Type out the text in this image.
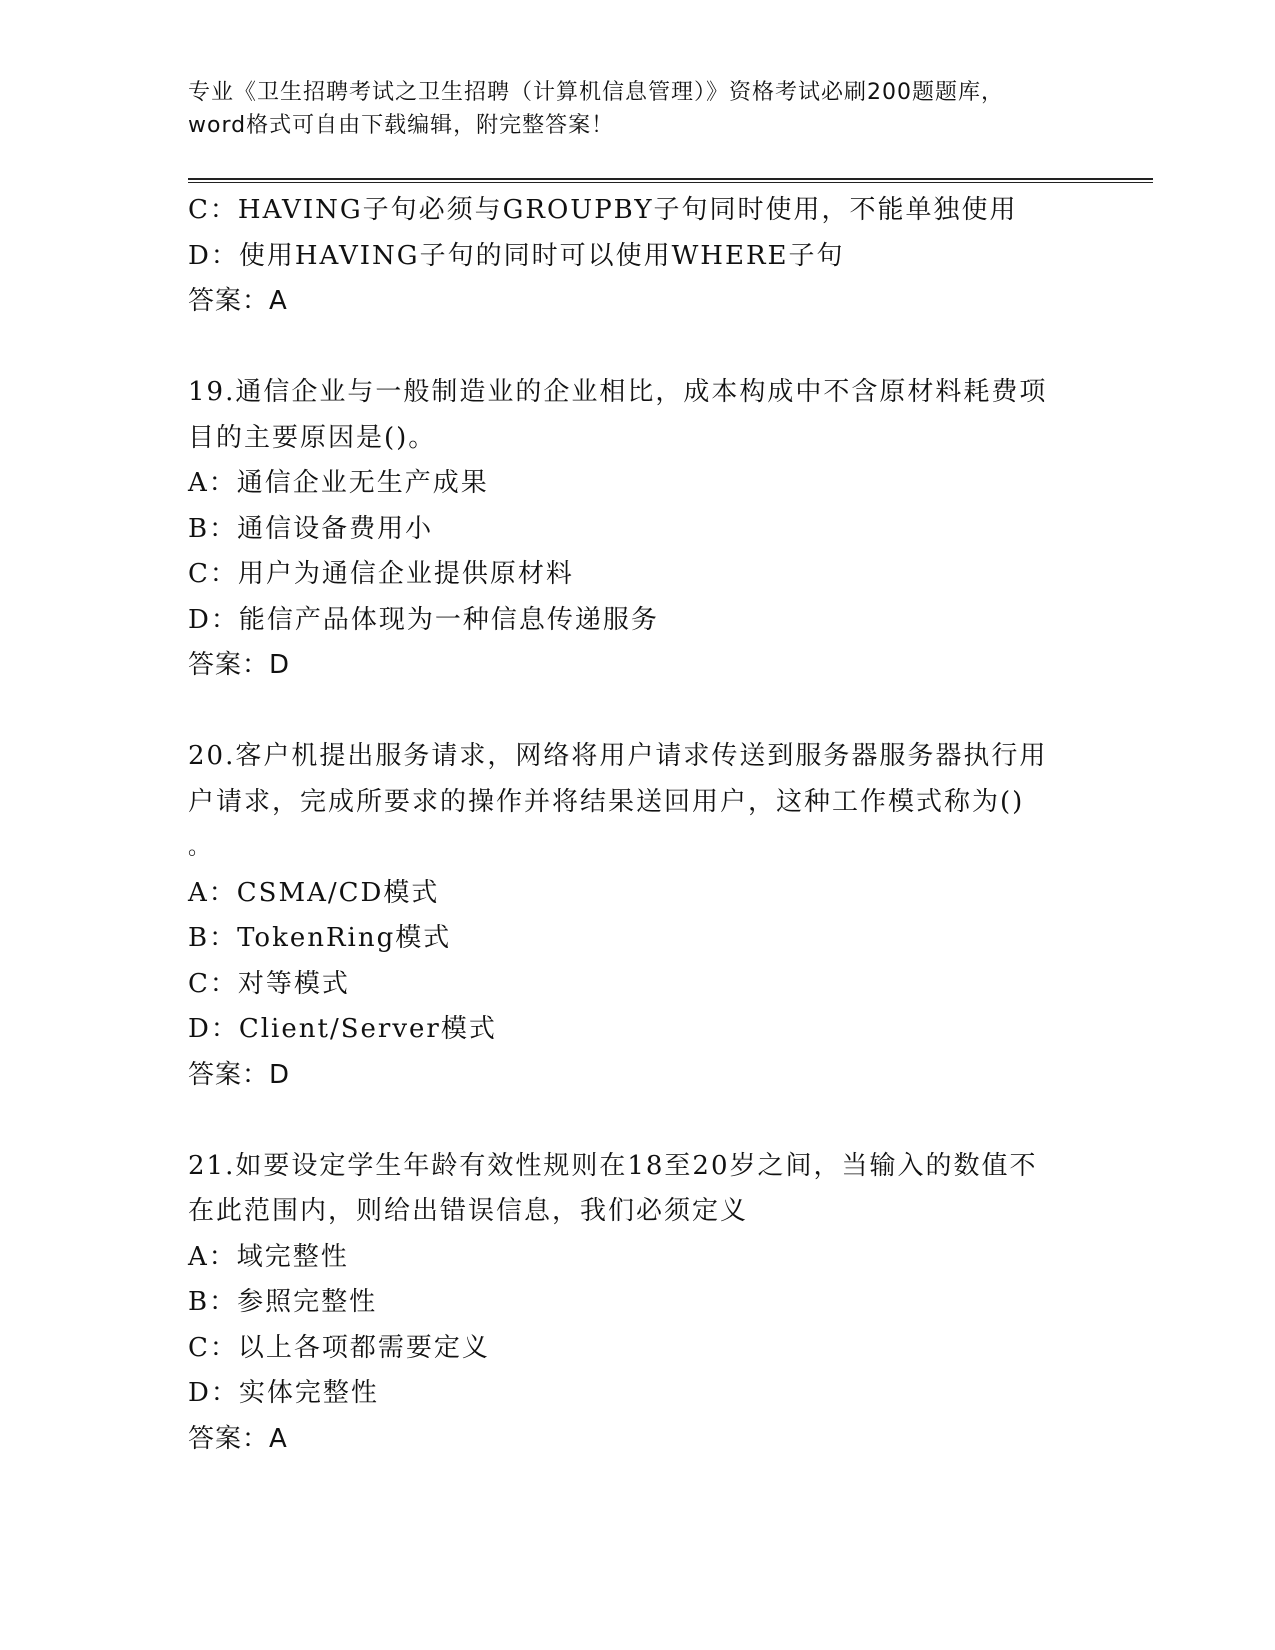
专业《卫生招聘考试之卫生招聘（计算机信息管理）》资格考试必刷200题题库，
word格式可自由下载编辑，附完整答案！
C：HAVING子句必须与GROUPBY子句同时使用，不能单独使用
D：使用HAVING子句的同时可以使用WHERE子句
答案：A
19.通信企业与一般制造业的企业相比，成本构成中不含原材料耗费项
目的主要原因是()。
A：通信企业无生产成果
B：通信设备费用小
C：用户为通信企业提供原材料
D：能信产品体现为一种信息传递服务
答案：D
20.客户机提出服务请求，网络将用户请求传送到服务器服务器执行用
户请求，完成所要求的操作并将结果送回用户，这种工作模式称为()
。
A：CSMA/CD模式
B：TokenRing模式
C：对等模式
D：Client/Server模式
答案：D
21.如要设定学生年龄有效性规则在18至20岁之间，当输入的数值不
在此范围内，则给出错误信息，我们必须定义
A：域完整性
B：参照完整性
C：以上各项都需要定义
D：实体完整性
答案：A
